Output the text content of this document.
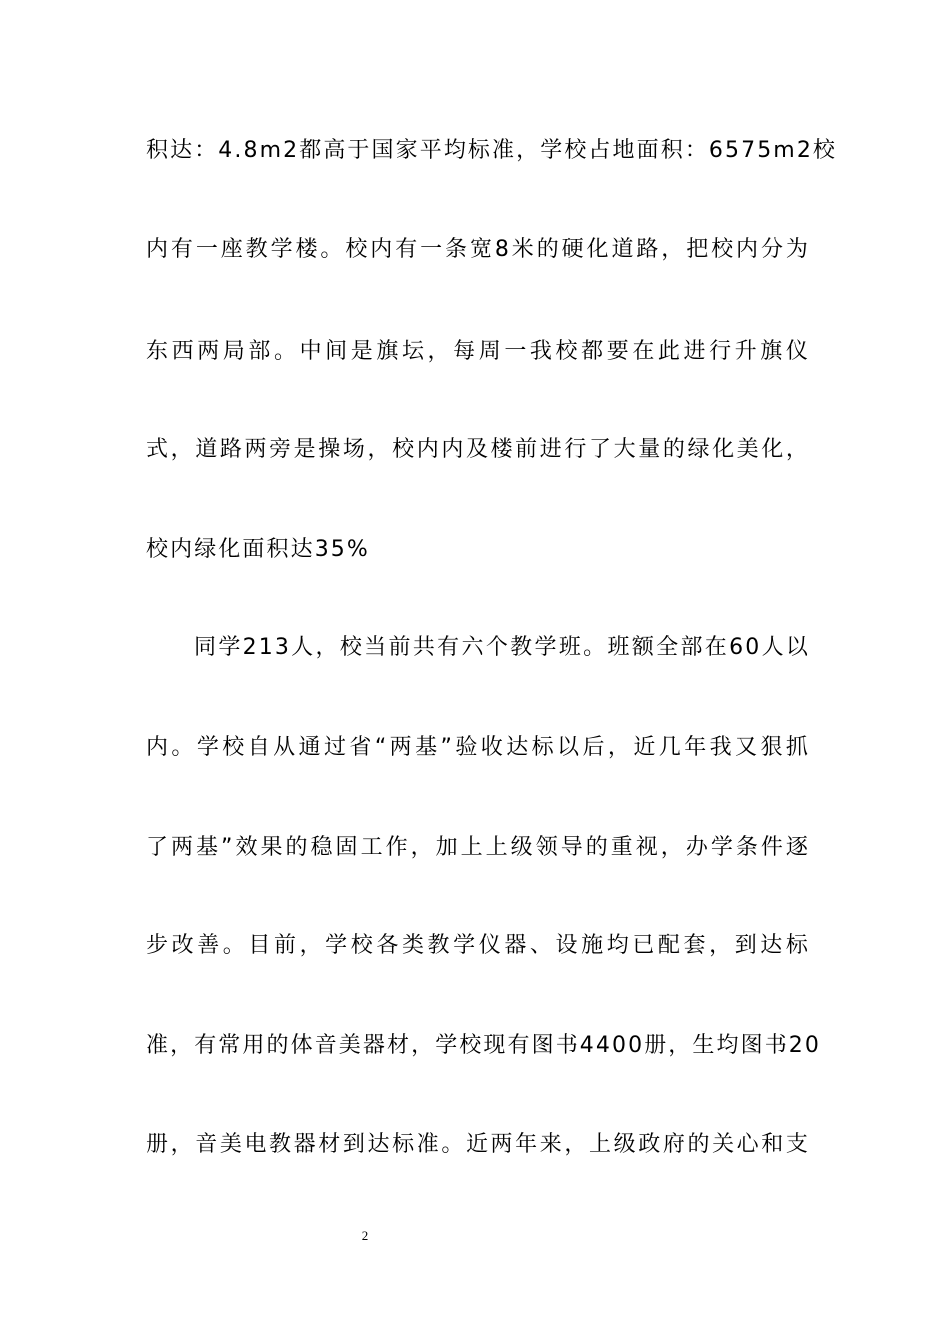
积达：4.8m2都高于国家平均标准，学校占地面积：6575m2校
内有一座教学楼。校内有一条宽8米的硬化道路，把校内分为
东西两局部。中间是旗坛，每周一我校都要在此进行升旗仪
式，道路两旁是操场，校内内及楼前进行了大量的绿化美化，
校内绿化面积达35%
同学213人，校当前共有六个教学班。班额全部在60人以
内。学校自从通过省“两基”验收达标以后，近几年我又狠抓
了两基”效果的稳固工作，加上上级领导的重视，办学条件逐
步改善。目前，学校各类教学仪器、设施均已配套，到达标
准，有常用的体音美器材，学校现有图书4400册，生均图书20
册，音美电教器材到达标准。近两年来，上级政府的关心和支
2
